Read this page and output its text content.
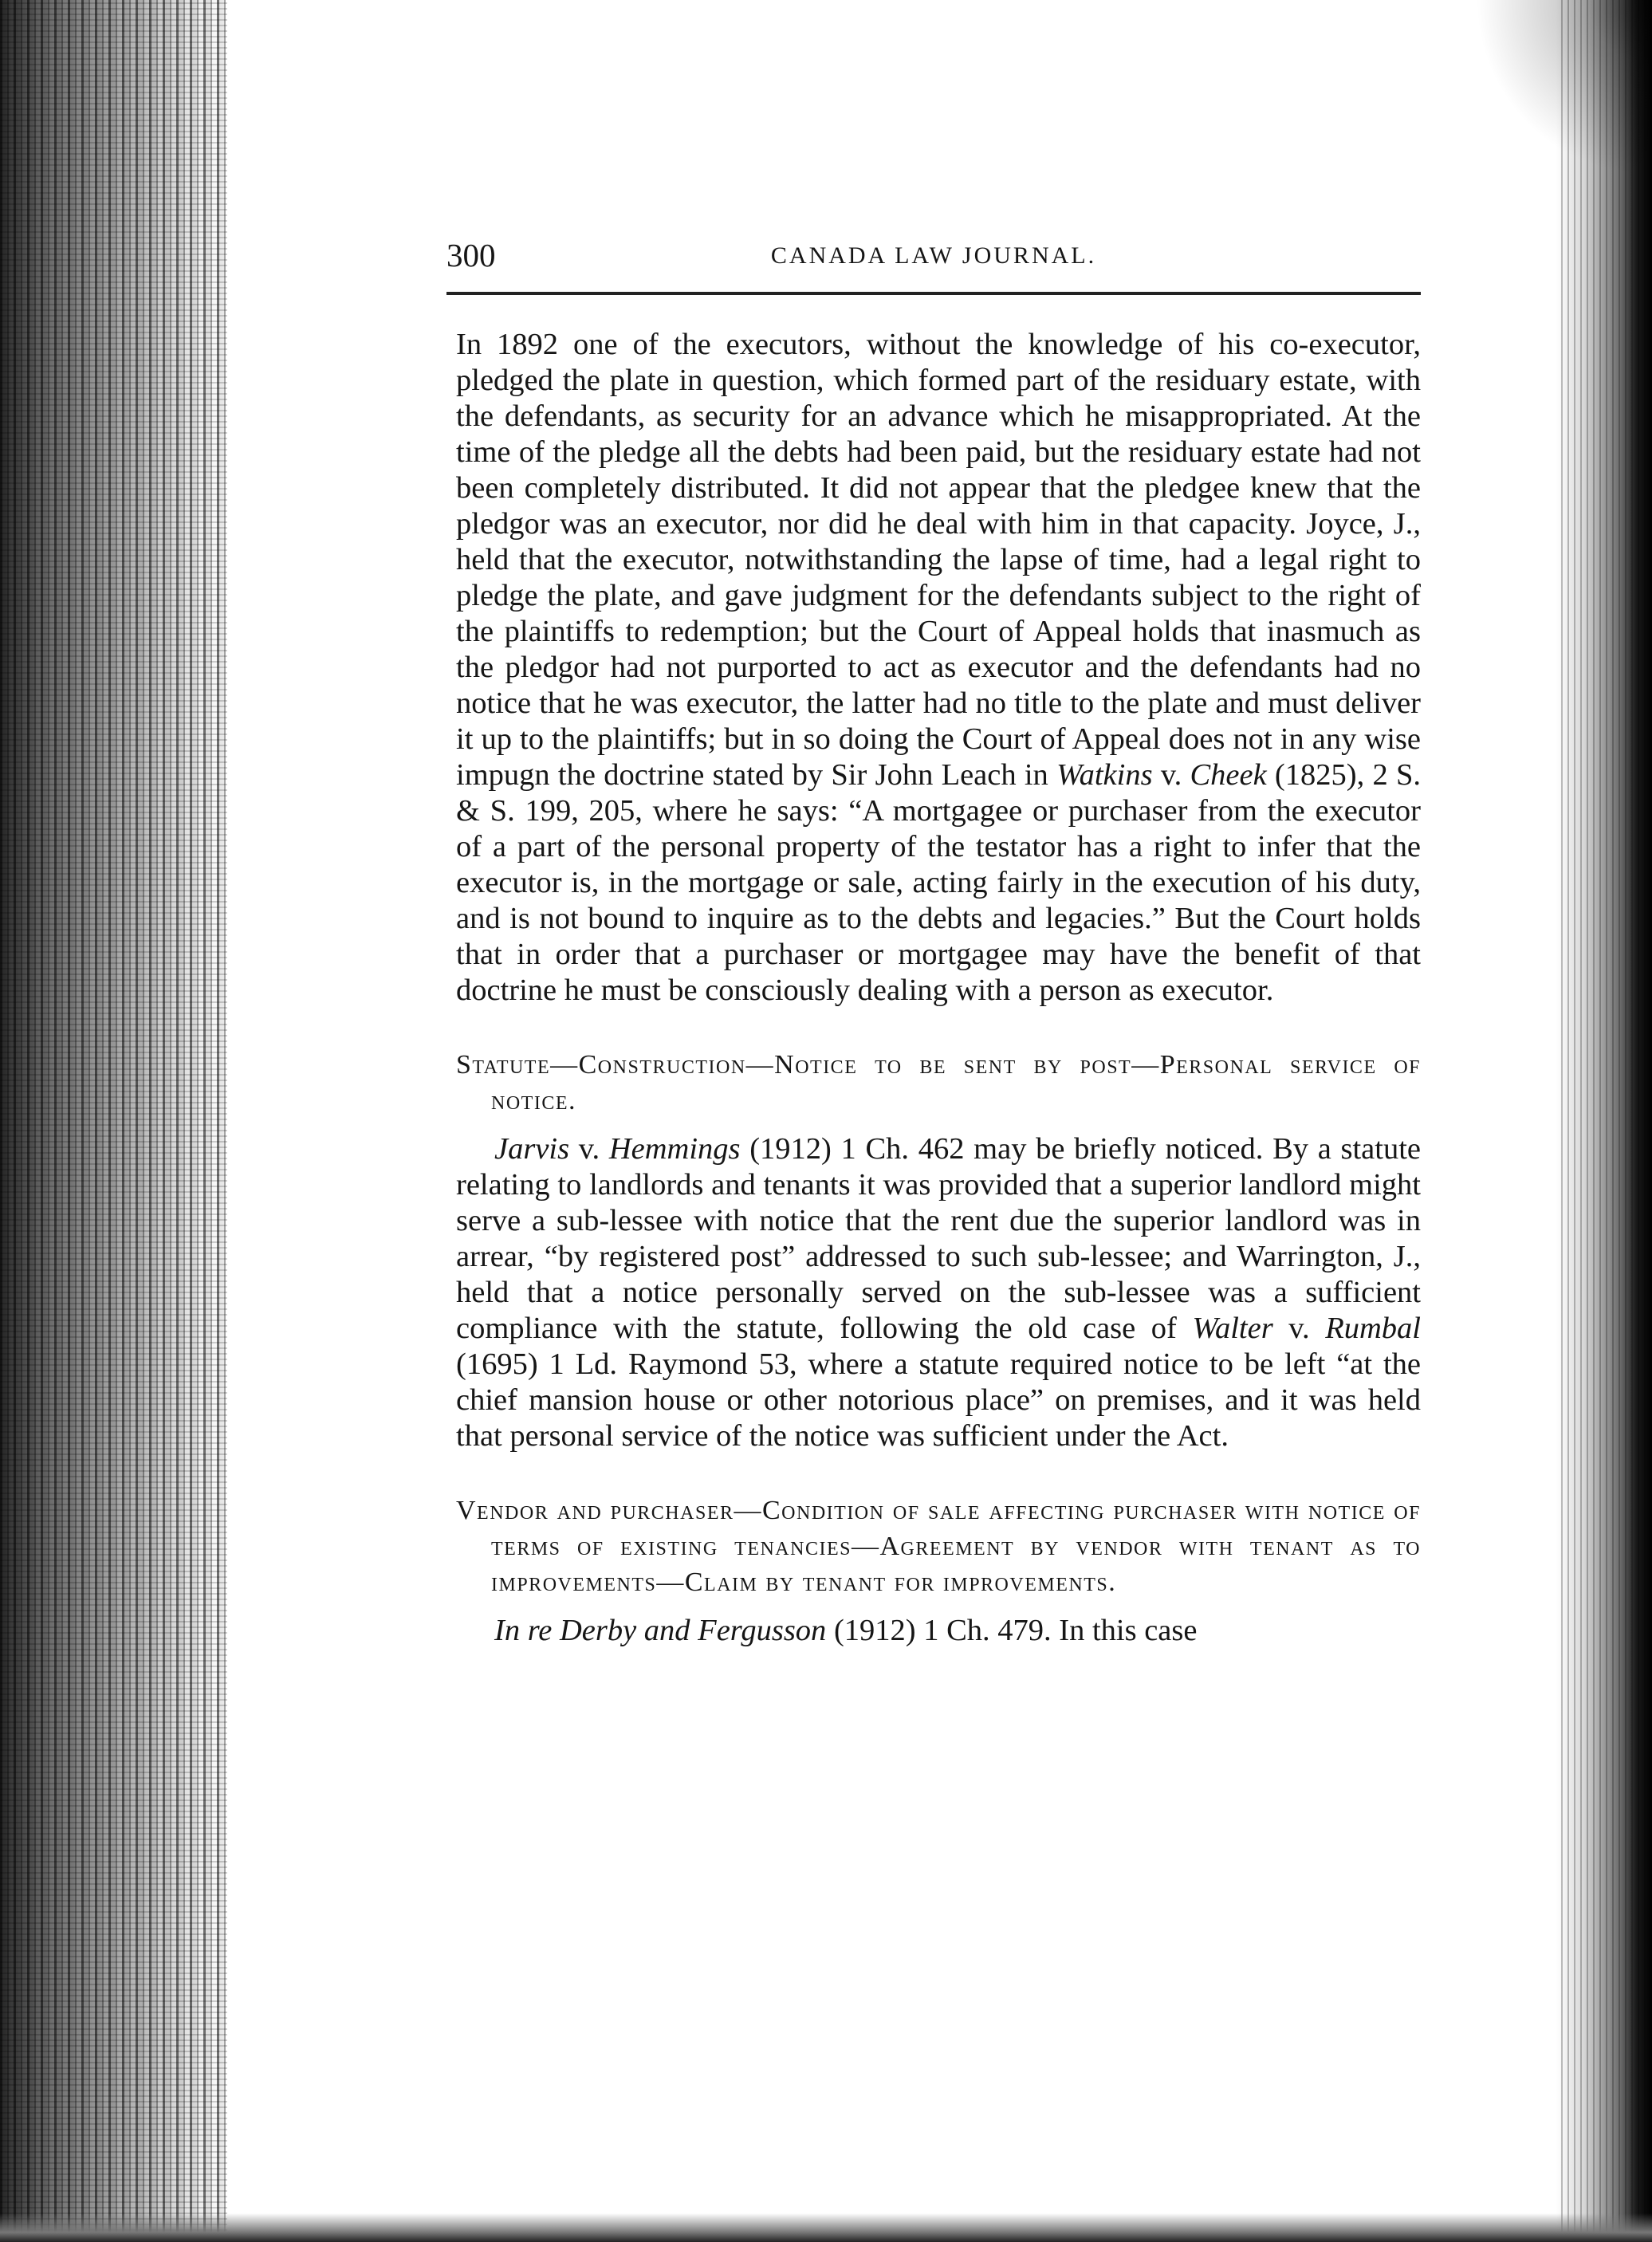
300	CANADA LAW JOURNAL.

In 1892 one of the executors, without the knowledge of his co-executor, pledged the plate in question, which formed part of the residuary estate, with the defendants, as security for an advance which he misappropriated. At the time of the pledge all the debts had been paid, but the residuary estate had not been completely distributed. It did not appear that the pledgee knew that the pledgor was an executor, nor did he deal with him in that capacity. Joyce, J., held that the executor, notwithstanding the lapse of time, had a legal right to pledge the plate, and gave judgment for the defendants subject to the right of the plaintiffs to redemption; but the Court of Appeal holds that inasmuch as the pledgor had not purported to act as executor and the defendants had no notice that he was executor, the latter had no title to the plate and must deliver it up to the plaintiffs; but in so doing the Court of Appeal does not in any wise impugn the doctrine stated by Sir John Leach in Watkins v. Cheek (1825), 2 S. & S. 199, 205, where he says: “A mortgagee or purchaser from the executor of a part of the personal property of the testator has a right to infer that the executor is, in the mortgage or sale, acting fairly in the execution of his duty, and is not bound to inquire as to the debts and legacies.” But the Court holds that in order that a purchaser or mortgagee may have the benefit of that doctrine he must be consciously dealing with a person as executor.

Statute—Construction—Notice to be sent by post—Personal service of notice.

Jarvis v. Hemmings (1912) 1 Ch. 462 may be briefly noticed. By a statute relating to landlords and tenants it was provided that a superior landlord might serve a sub-lessee with notice that the rent due the superior landlord was in arrear, “by registered post” addressed to such sub-lessee; and Warrington, J., held that a notice personally served on the sub-lessee was a sufficient compliance with the statute, following the old case of Walter v. Rumbal (1695) 1 Ld. Raymond 53, where a statute required notice to be left “at the chief mansion house or other notorious place” on premises, and it was held that personal service of the notice was sufficient under the Act.

Vendor and purchaser—Condition of sale affecting purchaser with notice of terms of existing tenancies—Agreement by vendor with tenant as to improvements—Claim by tenant for improvements.

In re Derby and Fergusson (1912) 1 Ch. 479. In this case
